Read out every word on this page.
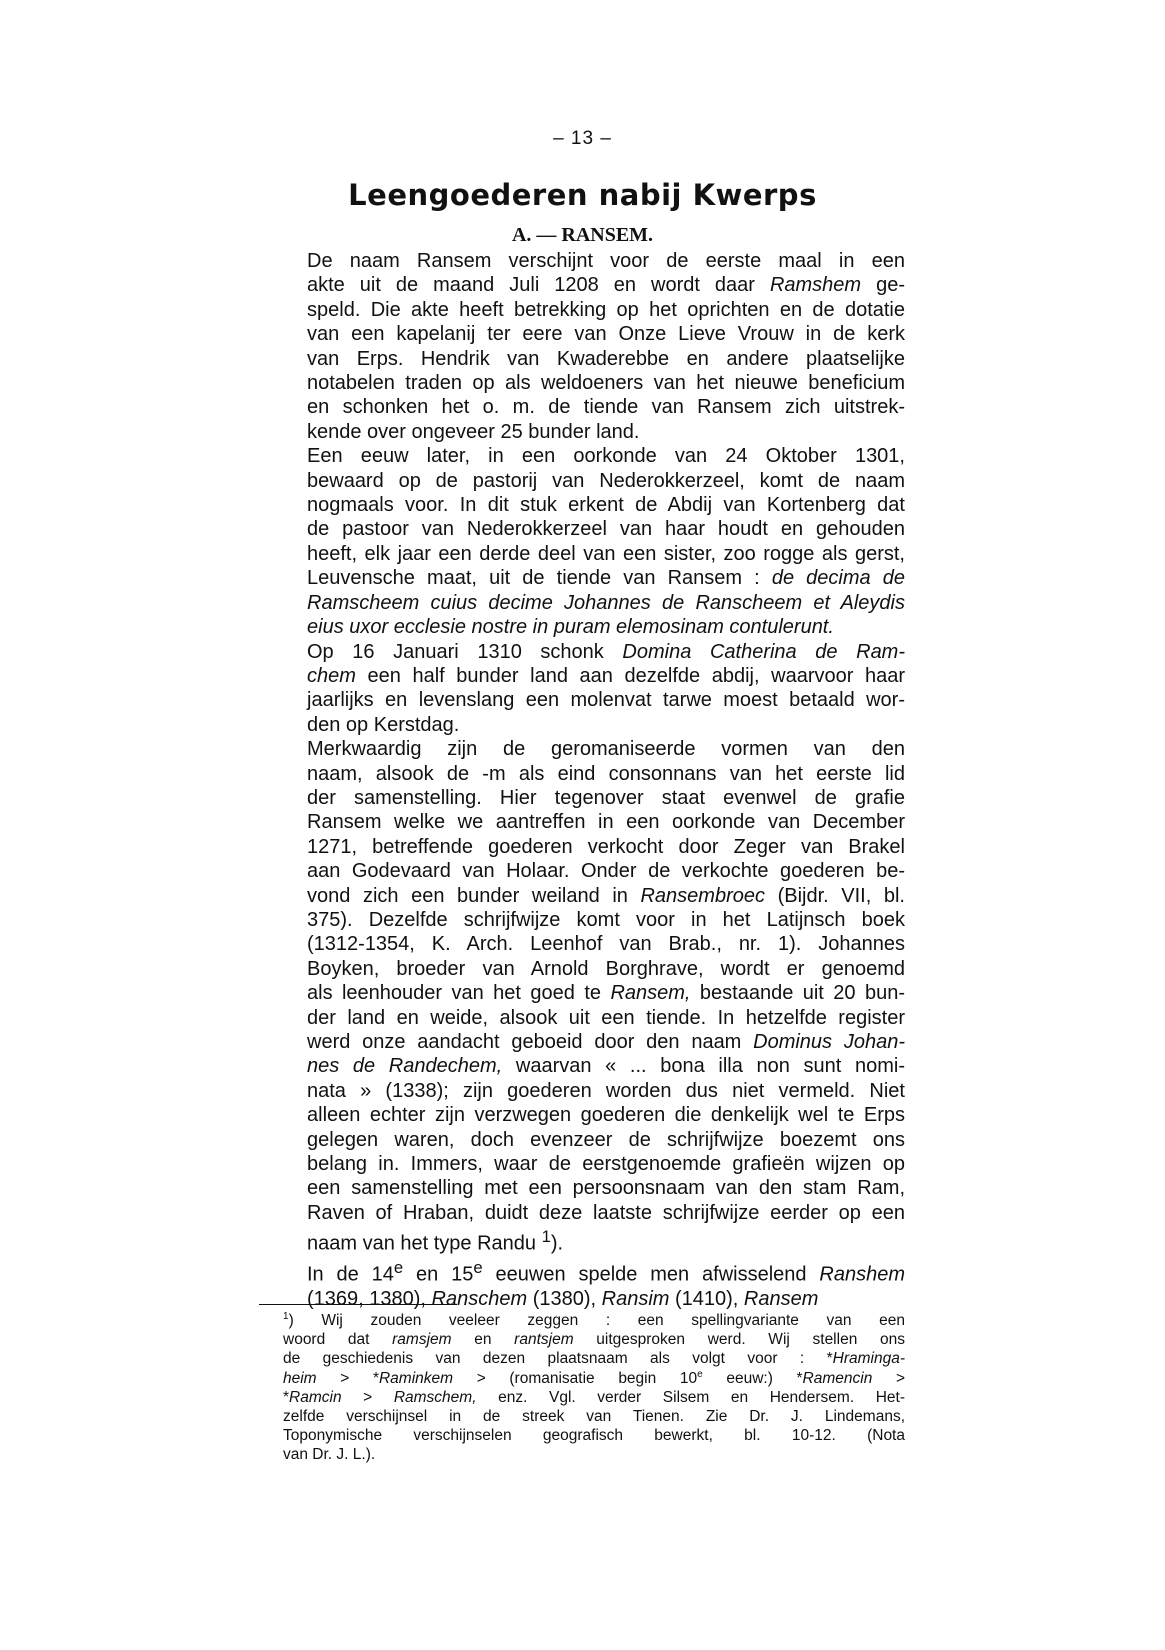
– 13 –
Leengoederen nabij Kwerps
A. — RANSEM.

De naam Ransem verschijnt voor de eerste maal in een
akte uit de maand Juli 1208 en wordt daar Ramshem ge-
speld. Die akte heeft betrekking op het oprichten en de dotatie
van een kapelanij ter eere van Onze Lieve Vrouw in de kerk
van Erps. Hendrik van Kwaderebbe en andere plaatselijke
notabelen traden op als weldoeners van het nieuwe beneficium
en schonken het o. m. de tiende van Ransem zich uitstrek-
kende over ongeveer 25 bunder land.

Een eeuw later, in een oorkonde van 24 Oktober 1301,
bewaard op de pastorij van Nederokkerzeel, komt de naam
nogmaals voor. In dit stuk erkent de Abdij van Kortenberg dat
de pastoor van Nederokkerzeel van haar houdt en gehouden
heeft, elk jaar een derde deel van een sister, zoo rogge als gerst,
Leuvensche maat, uit de tiende van Ransem : de decima de
Ramscheem cuius decime Johannes de Ranscheem et Aleydis
eius uxor ecclesie nostre in puram elemosinam contulerunt.

Op 16 Januari 1310 schonk Domina Catherina de Ram-
chem een half bunder land aan dezelfde abdij, waarvoor haar
jaarlijks en levenslang een molenvat tarwe moest betaald wor-
den op Kerstdag.

Merkwaardig zijn de geromaniseerde vormen van den
naam, alsook de -m als eind consonnans van het eerste lid
der samenstelling. Hier tegenover staat evenwel de grafie
Ransem welke we aantreffen in een oorkonde van December
1271, betreffende goederen verkocht door Zeger van Brakel
aan Godevaard van Holaar. Onder de verkochte goederen be-
vond zich een bunder weiland in Ransembroec (Bijdr. VII, bl.
375). Dezelfde schrijfwijze komt voor in het Latijnsch boek
(1312-1354, K. Arch. Leenhof van Brab., nr. 1). Johannes
Boyken, broeder van Arnold Borghrave, wordt er genoemd
als leenhouder van het goed te Ransem, bestaande uit 20 bun-
der land en weide, alsook uit een tiende. In hetzelfde register
werd onze aandacht geboeid door den naam Dominus Johan-
nes de Randechem, waarvan « ... bona illa non sunt nomi-
nata » (1338); zijn goederen worden dus niet vermeld. Niet
alleen echter zijn verzwegen goederen die denkelijk wel te Erps
gelegen waren, doch evenzeer de schrijfwijze boezemt ons
belang in. Immers, waar de eerstgenoemde grafieën wijzen op
een samenstelling met een persoonsnaam van den stam Ram,
Raven of Hraban, duidt deze laatste schrijfwijze eerder op een
naam van het type Randu $^1$).

In de 14e en 15e eeuwen spelde men afwisselend Ranshem
(1369, 1380), Ranschem (1380), Ransim (1410), Ransem

$^1$) Wij zouden veeleer zeggen : een spellingvariante van een
woord dat ramsjem en rantsjem uitgesproken werd. Wij stellen ons
de geschiedenis van dezen plaatsnaam als volgt voor : *Hraminga-
heim > *Raminkem > (romanisatie begin 10e eeuw:) *Ramencin >
*Ramcin > Ramschem, enz. Vgl. verder Silsem en Hendersem. Het-
zelfde verschijnsel in de streek van Tienen. Zie Dr. J. Lindemans,
Toponymische verschijnselen geografisch bewerkt, bl. 10-12. (Nota
van Dr. J. L.).
